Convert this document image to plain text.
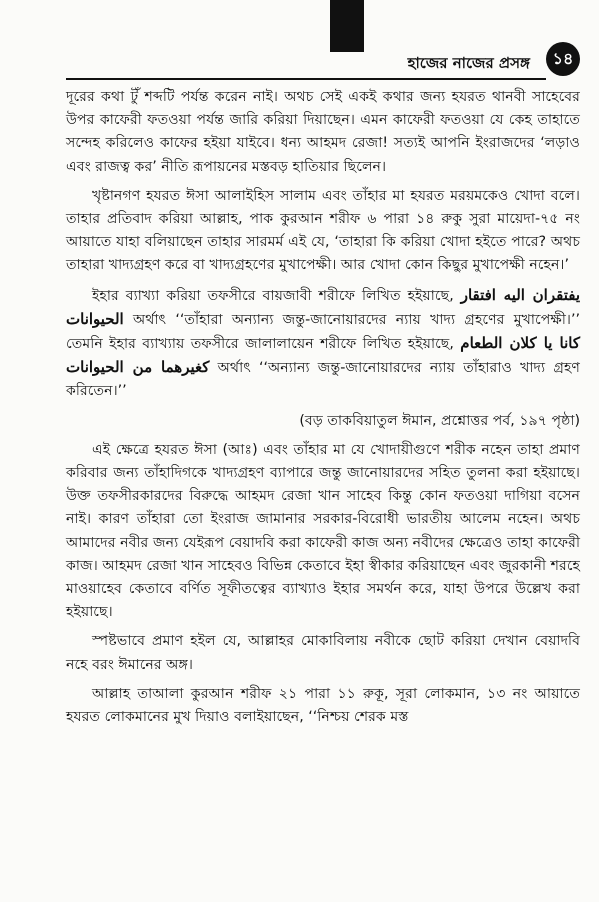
হাজের নাজের প্রসঙ্গ	১৪

দূরের কথা টুঁ শব্দটি পর্যন্ত করেন নাই। অথচ সেই একই কথার জন্য হযরত থানবী সাহেবের উপর কাফেরী ফতওয়া পর্যন্ত জারি করিয়া দিয়াছেন। এমন কাফেরী ফতওয়া যে কেহ তাহাতে সন্দেহ করিলেও কাফের হইয়া যাইবে। ধন্য আহমদ রেজা! সত্যই আপনি ইংরাজদের ‘লড়াও এবং রাজত্ব কর’ নীতি রূপায়নের মস্তবড় হাতিয়ার ছিলেন।

খৃষ্টানগণ হযরত ঈসা আলাইহিস সালাম এবং তাঁহার মা হযরত মরয়মকেও খোদা বলে। তাহার প্রতিবাদ করিয়া আল্লাহ, পাক কুরআন শরীফ ৬ পারা ১৪ রুকু সুরা মায়েদা-৭৫ নং আয়াতে যাহা বলিয়াছেন তাহার সারমর্ম এই যে, ‘তাহারা কি করিয়া খোদা হইতে পারে? অথচ তাহারা খাদ্যগ্রহণ করে বা খাদ্যগ্রহণের মুখাপেক্ষী। আর খোদা কোন কিছুর মুখাপেক্ষী নহেন।’

ইহার ব্যাখ্যা করিয়া তফসীরে বায়জাবী শরীফে লিখিত হইয়াছে, يفتقران اليه افتقار الحيوانات অর্থাৎ ‘‘তাঁহারা অন্যান্য জন্তু-জানোয়ারদের ন্যায় খাদ্য গ্রহণের মুখাপেক্ষী।’’ তেমনি ইহার ব্যাখ্যায় তফসীরে জালালায়েন শরীফে লিখিত হইয়াছে, كانا يا كلان الطعام كغيرهما من الحيوانات অর্থাৎ ‘‘অন্যান্য জন্তু-জানোয়ারদের ন্যায় তাঁহারাও খাদ্য গ্রহণ করিতেন।’’

(বড় তাকবিয়াতুল ঈমান, প্রশ্নোত্তর পর্ব, ১৯৭ পৃষ্ঠা)

এই ক্ষেত্রে হযরত ঈসা (আঃ) এবং তাঁহার মা যে খোদায়ীগুণে শরীক নহেন তাহা প্রমাণ করিবার জন্য তাঁহাদিগকে খাদ্যগ্রহণ ব্যাপারে জন্তু জানোয়ারদের সহিত তুলনা করা হইয়াছে। উক্ত তফসীরকারদের বিরুদ্ধে আহমদ রেজা খান সাহেব কিন্তু কোন ফতওয়া দাগিয়া বসেন নাই। কারণ তাঁহারা তো ইংরাজ জামানার সরকার-বিরোধী ভারতীয় আলেম নহেন। অথচ আমাদের নবীর জন্য যেইরূপ বেয়াদবি করা কাফেরী কাজ অন্য নবীদের ক্ষেত্রেও তাহা কাফেরী কাজ। আহমদ রেজা খান সাহেবও বিভিন্ন কেতাবে ইহা স্বীকার করিয়াছেন এবং জুরকানী শরহে মাওয়াহেব কেতাবে বর্ণিত সূফীতত্বের ব্যাখ্যাও ইহার সমর্থন করে, যাহা উপরে উল্লেখ করা হইয়াছে।

স্পষ্টভাবে প্রমাণ হইল যে, আল্লাহর মোকাবিলায় নবীকে ছোট করিয়া দেখান বেয়াদবি নহে বরং ঈমানের অঙ্গ।

আল্লাহ তাআলা কুরআন শরীফ ২১ পারা ১১ রুকূ, সূরা লোকমান, ১৩ নং আয়াতে হযরত লোকমানের মুখ দিয়াও বলাইয়াছেন, ‘‘নিশ্চয় শেরক মস্ত
